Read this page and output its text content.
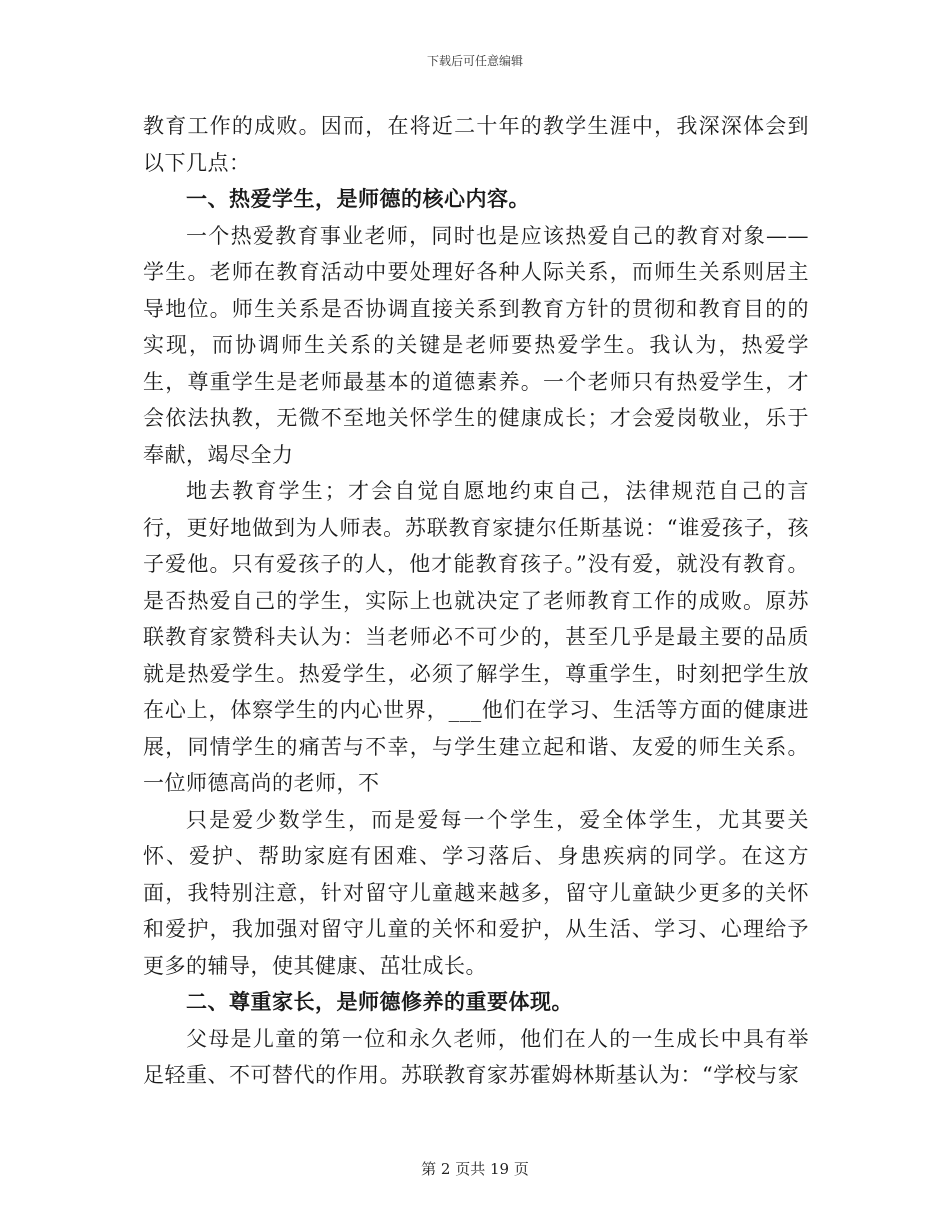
下载后可任意编辑

教育工作的成败。因而，在将近二十年的教学生涯中，我深深体会到以下几点：

一、热爱学生，是师德的核心内容。

一个热爱教育事业老师，同时也是应该热爱自己的教育对象——学生。老师在教育活动中要处理好各种人际关系，而师生关系则居主导地位。师生关系是否协调直接关系到教育方针的贯彻和教育目的的实现，而协调师生关系的关键是老师要热爱学生。我认为，热爱学生，尊重学生是老师最基本的道德素养。一个老师只有热爱学生，才会依法执教，无微不至地关怀学生的健康成长；才会爱岗敬业，乐于奉献，竭尽全力

地去教育学生；才会自觉自愿地约束自己，法律规范自己的言行，更好地做到为人师表。苏联教育家捷尔任斯基说：“谁爱孩子，孩子爱他。只有爱孩子的人，他才能教育孩子。”没有爱，就没有教育。是否热爱自己的学生，实际上也就决定了老师教育工作的成败。原苏联教育家赞科夫认为：当老师必不可少的，甚至几乎是最主要的品质就是热爱学生。热爱学生，必须了解学生，尊重学生，时刻把学生放在心上，体察学生的内心世界，___他们在学习、生活等方面的健康进展，同情学生的痛苦与不幸，与学生建立起和谐、友爱的师生关系。一位师德高尚的老师，不

只是爱少数学生，而是爱每一个学生，爱全体学生，尤其要关怀、爱护、帮助家庭有困难、学习落后、身患疾病的同学。在这方面，我特别注意，针对留守儿童越来越多，留守儿童缺少更多的关怀和爱护，我加强对留守儿童的关怀和爱护，从生活、学习、心理给予更多的辅导，使其健康、茁壮成长。

二、尊重家长，是师德修养的重要体现。

父母是儿童的第一位和永久老师，他们在人的一生成长中具有举足轻重、不可替代的作用。苏联教育家苏霍姆林斯基认为：“学校与家

第 2 页共 19 页
